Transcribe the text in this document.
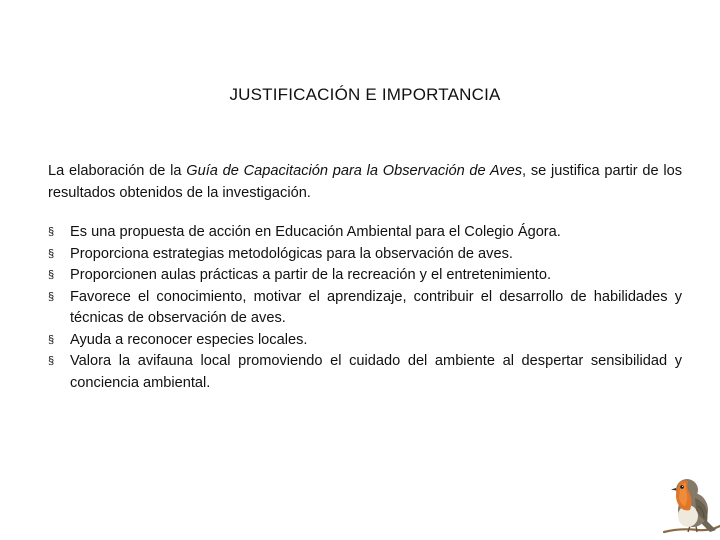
JUSTIFICACIÓN E IMPORTANCIA

La elaboración de la Guía de Capacitación para la Observación de Aves, se justifica partir de los resultados obtenidos de la investigación.

§ Es una propuesta de acción en Educación Ambiental para el Colegio Ágora.
§ Proporciona estrategias metodológicas para la observación de aves.
§ Proporcionen aulas prácticas a partir de la recreación y el entretenimiento.
§ Favorece el conocimiento, motivar el aprendizaje, contribuir el desarrollo de habilidades y técnicas de observación de aves.
§ Ayuda a reconocer especies locales.
§ Valora la avifauna local promoviendo el cuidado del ambiente al despertar sensibilidad y conciencia ambiental.
